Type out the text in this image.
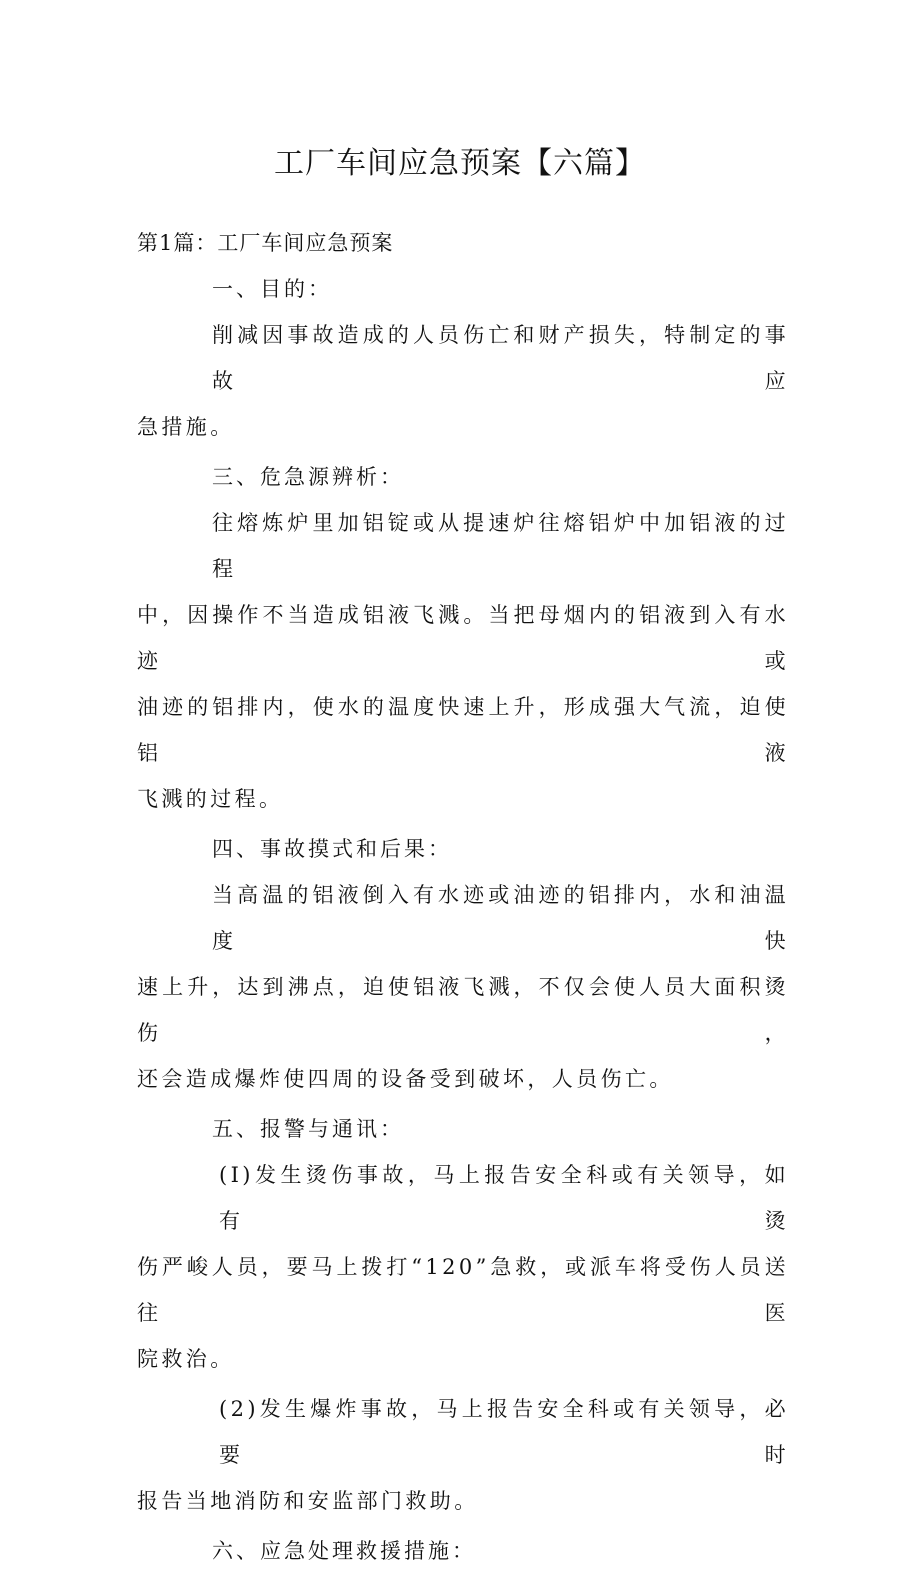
工厂车间应急预案【六篇】

第1篇：工厂车间应急预案

一、目的：

削减因事故造成的人员伤亡和财产损失，特制定的事故应
急措施。

三、危急源辨析：

往熔炼炉里加铝锭或从提速炉往熔铝炉中加铝液的过程
中，因操作不当造成铝液飞溅。当把母烟内的铝液到入有水迹或
油迹的铝排内，使水的温度快速上升，形成强大气流，迫使铝液
飞溅的过程。

四、事故摸式和后果：

当高温的铝液倒入有水迹或油迹的铝排内，水和油温度快
速上升，达到沸点，迫使铝液飞溅，不仅会使人员大面积烫伤，
还会造成爆炸使四周的设备受到破坏，人员伤亡。

五、报警与通讯：

(I)发生烫伤事故，马上报告安全科或有关领导，如有烫
伤严峻人员，要马上拨打“120”急救，或派车将受伤人员送往医
院救治。
(2)发生爆炸事故，马上报告安全科或有关领导，必要时
报告当地消防和安监部门救助。

六、应急处理救援措施：
